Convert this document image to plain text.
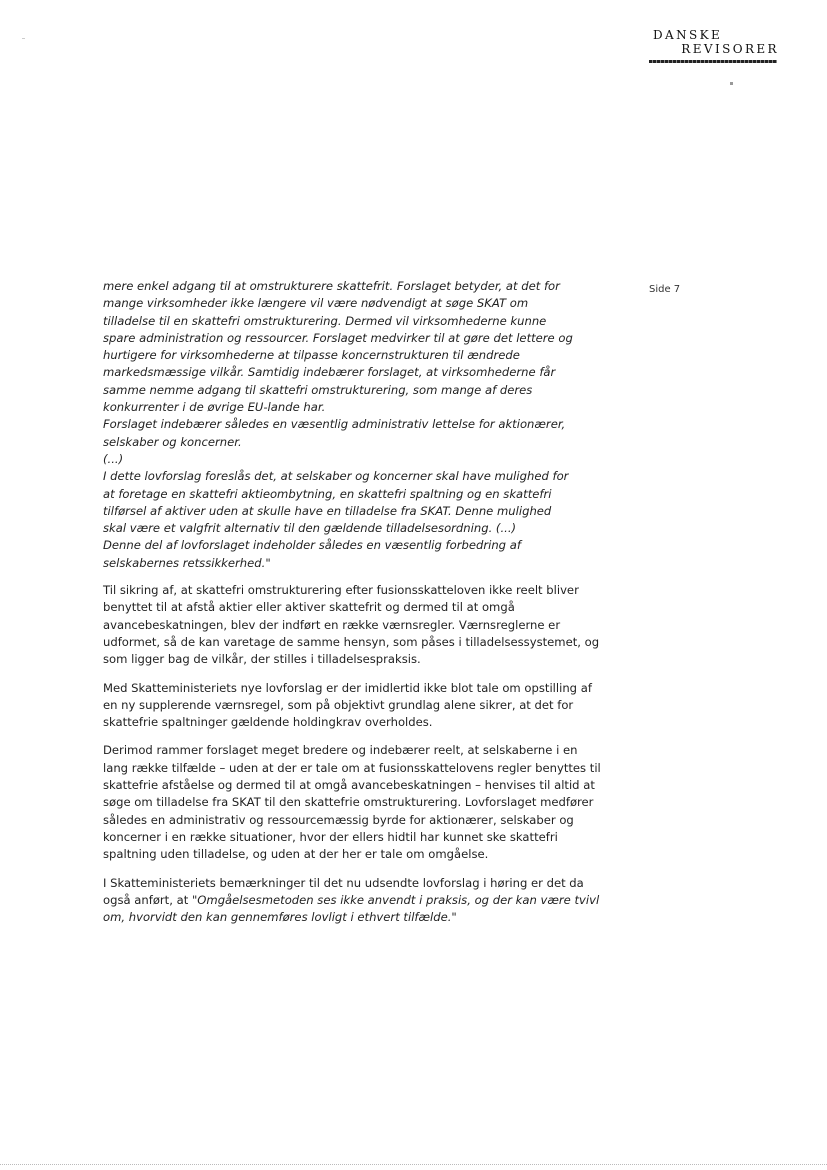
DANSKE
REVISORER
Side 7
mere enkel adgang til at omstrukturere skattefrit. Forslaget betyder, at det for
mange virksomheder ikke længere vil være nødvendigt at søge SKAT om
tilladelse til en skattefri omstrukturering. Dermed vil virksomhederne kunne
spare administration og ressourcer. Forslaget medvirker til at gøre det lettere og
hurtigere for virksomhederne at tilpasse koncernstrukturen til ændrede
markedsmæssige vilkår. Samtidig indebærer forslaget, at virksomhederne får
samme nemme adgang til skattefri omstrukturering, som mange af deres
konkurrenter i de øvrige EU-lande har.
Forslaget indebærer således en væsentlig administrativ lettelse for aktionærer,
selskaber og koncerner.
(...)
I dette lovforslag foreslås det, at selskaber og koncerner skal have mulighed for
at foretage en skattefri aktieombytning, en skattefri spaltning og en skattefri
tilførsel af aktiver uden at skulle have en tilladelse fra SKAT. Denne mulighed
skal være et valgfrit alternativ til den gældende tilladelsesordning. (...)
Denne del af lovforslaget indeholder således en væsentlig forbedring af
selskabernes retssikkerhed."

Til sikring af, at skattefri omstrukturering efter fusionsskatteloven ikke reelt bliver benyttet til at afstå aktier eller aktiver skattefrit og dermed til at omgå avancebeskatningen, blev der indført en række værnsregler. Værnsreglerne er udformet, så de kan varetage de samme hensyn, som påses i tilladelsessystemet, og som ligger bag de vilkår, der stilles i tilladelsespraksis.

Med Skatteministeriets nye lovforslag er der imidlertid ikke blot tale om opstilling af en ny supplerende værnsregel, som på objektivt grundlag alene sikrer, at det for skattefrie spaltninger gældende holdingkrav overholdes.

Derimod rammer forslaget meget bredere og indebærer reelt, at selskaberne i en lang række tilfælde – uden at der er tale om at fusionsskattelovens regler benyttes til skattefrie afståelse og dermed til at omgå avancebeskatningen – henvises til altid at søge om tilladelse fra SKAT til den skattefrie omstrukturering. Lovforslaget medfører således en administrativ og ressourcemæssig byrde for aktionærer, selskaber og koncerner i en række situationer, hvor der ellers hidtil har kunnet ske skattefri spaltning uden tilladelse, og uden at der her er tale om omgåelse.

I Skatteministeriets bemærkninger til det nu udsendte lovforslag i høring er det da også anført, at "Omgåelsesmetoden ses ikke anvendt i praksis, og der kan være tvivl om, hvorvidt den kan gennemføres lovligt i ethvert tilfælde."
